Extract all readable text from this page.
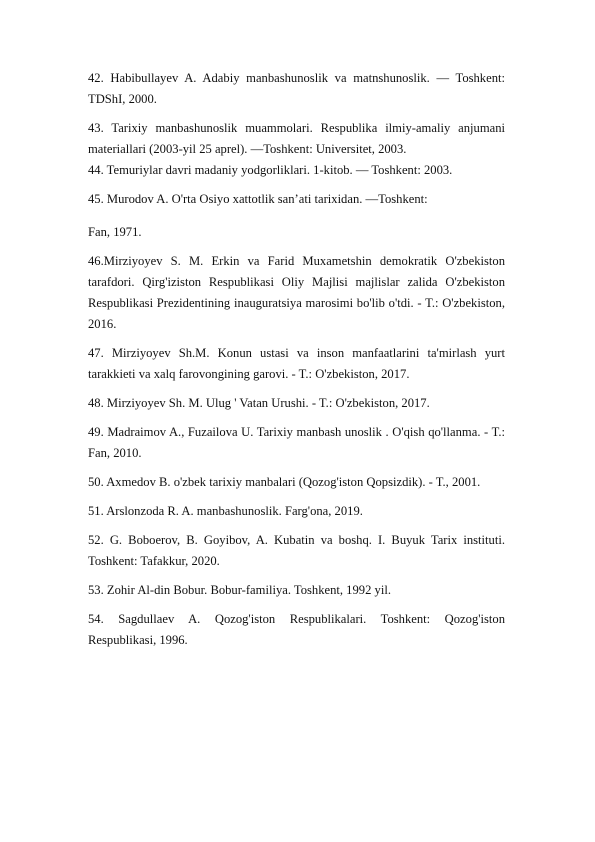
42. Habibullayev A. Adabiy manbashunoslik va matnshunoslik. — Toshkent: TDShI, 2000.

43. Tarixiy manbashunoslik muammolari. Respublika ilmiy-amaliy anjumani materiallari (2003-yil 25 aprel). —Toshkent: Universitet, 2003.

44. Temuriylar davri madaniy yodgorliklari. 1-kitob. — Toshkent: 2003.

45. Murodov A. O'rta Osiyo xattotlik san’ati tarixidan. —Toshkent:

Fan, 1971.

46.Mirziyoyev S. M. Erkin va Farid Muxametshin demokratik O'zbekiston tarafdori. Qirg'iziston Respublikasi Oliy Majlisi majlislar zalida O'zbekiston Respublikasi Prezidentining inauguratsiya marosimi bo'lib o'tdi. - T.: O'zbekiston, 2016.

47. Mirziyoyev Sh.M. Konun ustasi va inson manfaatlarini ta'mirlash yurt tarakkieti va xalq farovongining garovi. - T.: O'zbekiston, 2017.

48. Mirziyoyev Sh. M. Ulug ' Vatan Urushi. - T.: O'zbekiston, 2017.

49. Madraimov A., Fuzailova U. Tarixiy manbash unoslik . O'qish qo'llanma. - T.: Fan, 2010.

50. Axmedov B. o'zbek tarixiy manbalari (Qozog'iston Qopsizdik). - T., 2001.

51. Arslonzoda R. A. manbashunoslik. Farg'ona, 2019.

52. G. Boboerov, B. Goyibov, A. Kubatin va boshq. I. Buyuk Tarix instituti. Toshkent: Tafakkur, 2020.

53. Zohir Al-din Bobur. Bobur-familiya. Toshkent, 1992 yil.

54. Sagdullaev A. Qozog'iston Respublikalari. Toshkent: Qozog'iston Respublikasi, 1996.
